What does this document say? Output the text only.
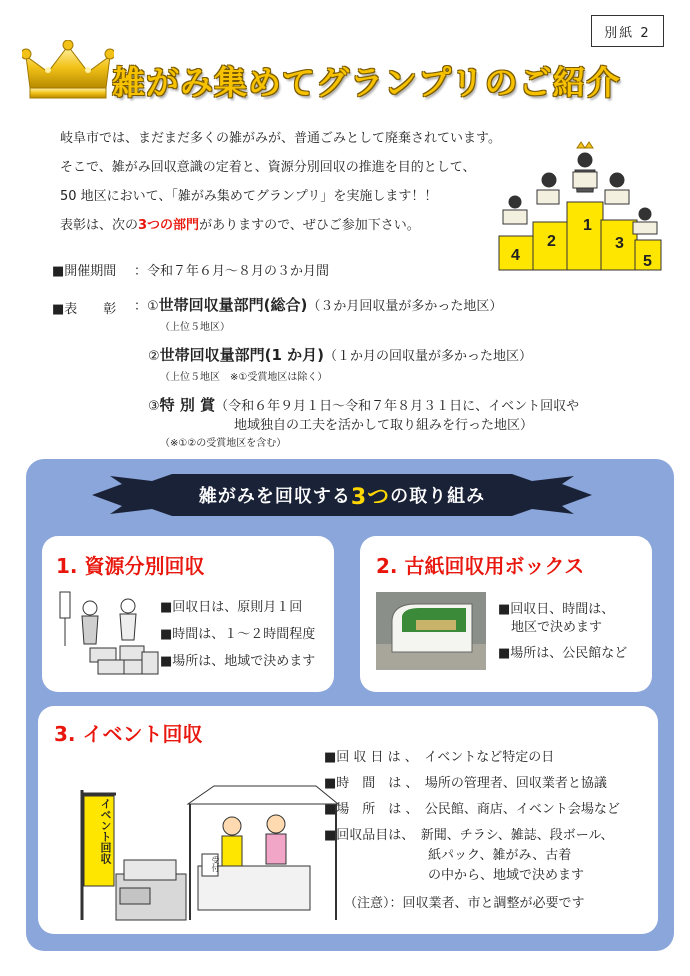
別紙 2
雑がみ集めてグランプリのご紹介
岐阜市では、まだまだ多くの雑がみが、普通ごみとして廃棄されています。
そこで、雑がみ回収意識の定着と、資源分別回収の推進を目的として、
50 地区において、「雑がみ集めてグランプリ」を実施します！！
表彰は、次の3つの部門がありますので、ぜひご参加下さい。	1
2	3
4	5
■開催期間 ：令和７年６月～８月の３か月間
■表　　彰 ：①世帯回収量部門(総合)（３か月回収量が多かった地区）
（上位５地区）
②世帯回収量部門(1 か月)（１か月の回収量が多かった地区）
（上位５地区　※①受賞地区は除く）
③特 別 賞（令和６年９月１日～令和７年８月３１日に、イベント回収や
地域独自の工夫を活かして取り組みを行った地区）
（※①②の受賞地区を含む）
雑がみを回収する 3つ の取り組み
1. 資源分別回収
■回収日は、原則月１回
■時間は、１～２時間程度
■場所は、地域で決めます
2. 古紙回収用ボックス
■回収日、時間は、
　地区で決めます
■場所は、公民館など
3. イベント回収
イベント回収	受付
■回 収 日 は 、　イベントなど特定の日
■時　間　は 、　場所の管理者、回収業者と協議
■場　所　は 、　公民館、商店、イベント会場など
■回収品目は、　新聞、チラシ、雑誌、段ボール、
　　　　　　　　紙パック、雑がみ、古着
　　　　　　　　の中から、地域で決めます
（注意）：回収業者、市と調整が必要です
